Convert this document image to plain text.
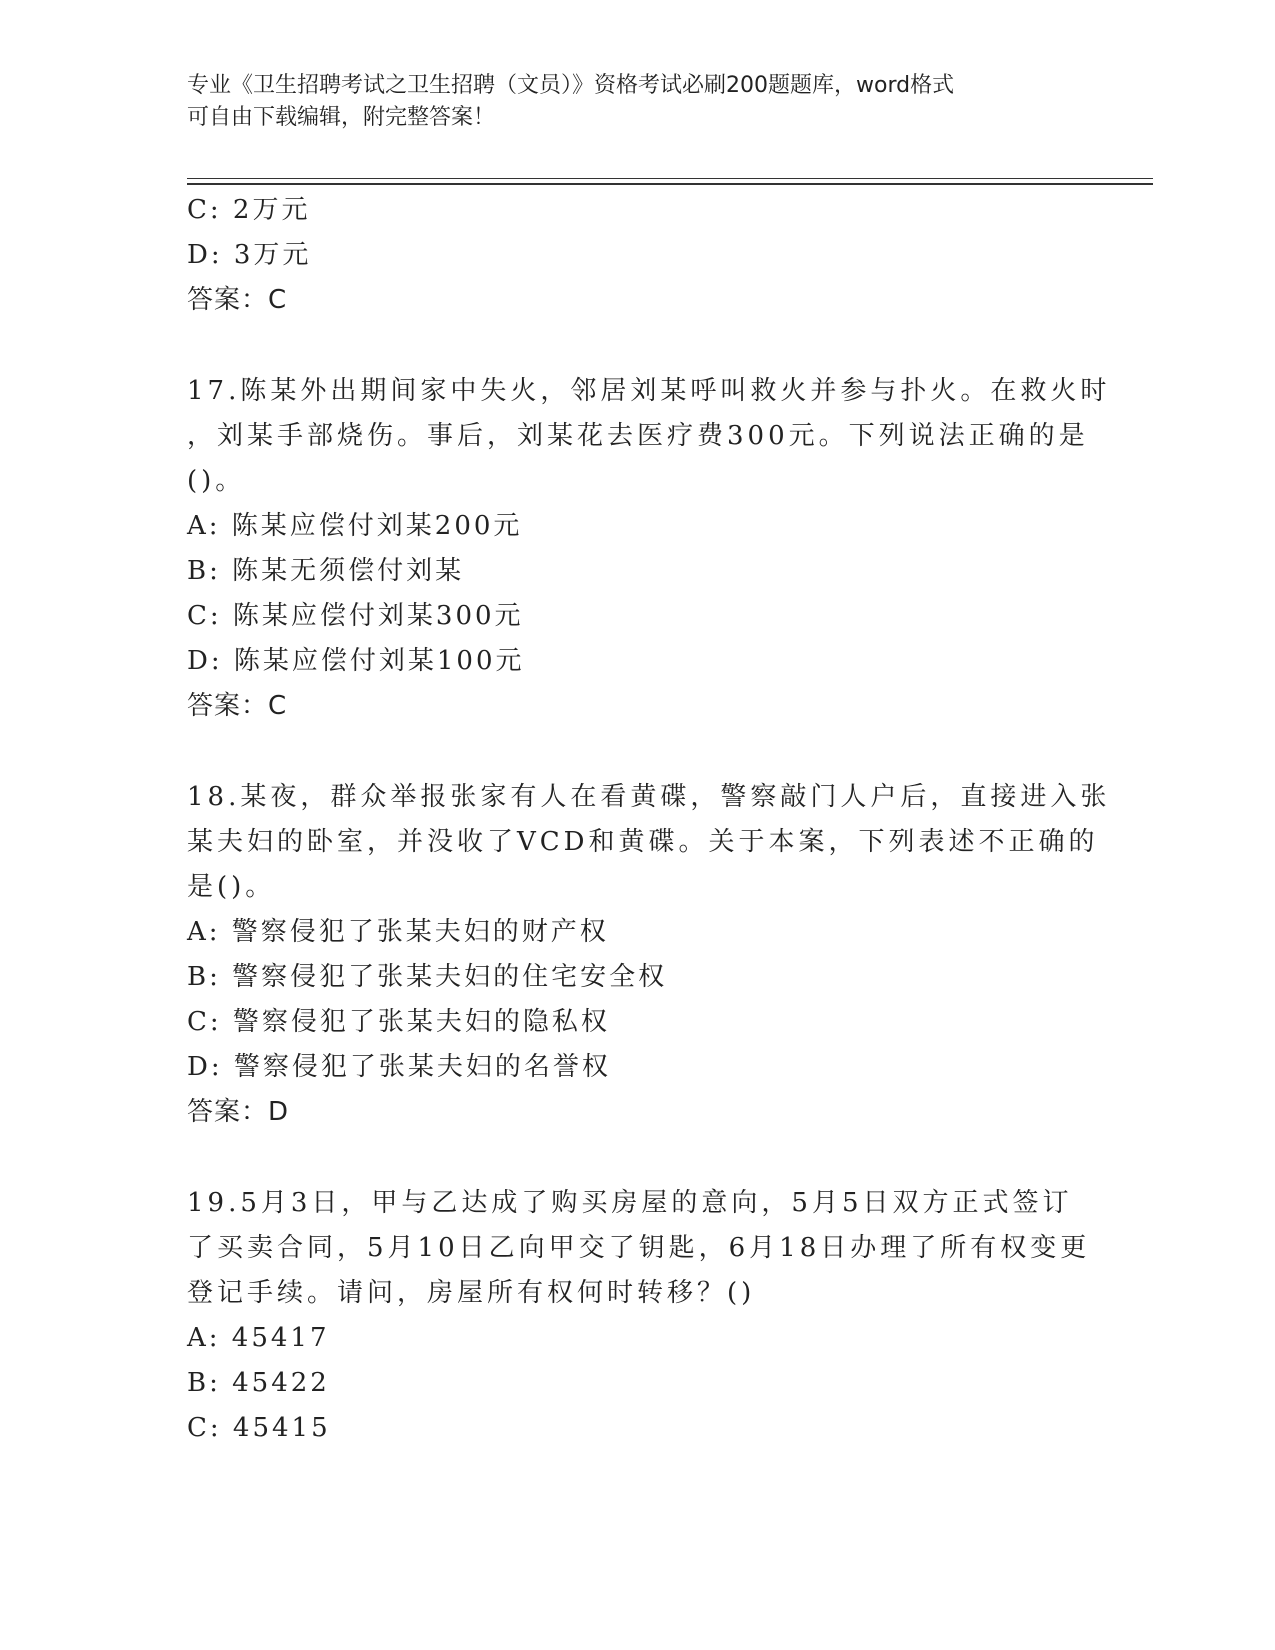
专业《卫生招聘考试之卫生招聘（文员）》资格考试必刷200题题库，word格式
可自由下载编辑，附完整答案！
C: 2万元
D: 3万元
答案：C
17.陈某外出期间家中失火，邻居刘某呼叫救火并参与扑火。在救火时
，刘某手部烧伤。事后，刘某花去医疗费300元。下列说法正确的是
()。
A: 陈某应偿付刘某200元
B: 陈某无须偿付刘某
C: 陈某应偿付刘某300元
D: 陈某应偿付刘某100元
答案：C
18.某夜，群众举报张家有人在看黄碟，警察敲门人户后，直接进入张
某夫妇的卧室，并没收了VCD和黄碟。关于本案，下列表述不正确的
是()。
A: 警察侵犯了张某夫妇的财产权
B: 警察侵犯了张某夫妇的住宅安全权
C: 警察侵犯了张某夫妇的隐私权
D: 警察侵犯了张某夫妇的名誉权
答案：D
19.5月3日，甲与乙达成了购买房屋的意向，5月5日双方正式签订
了买卖合同，5月10日乙向甲交了钥匙，6月18日办理了所有权变更
登记手续。请问，房屋所有权何时转移？()
A: 45417
B: 45422
C: 45415
